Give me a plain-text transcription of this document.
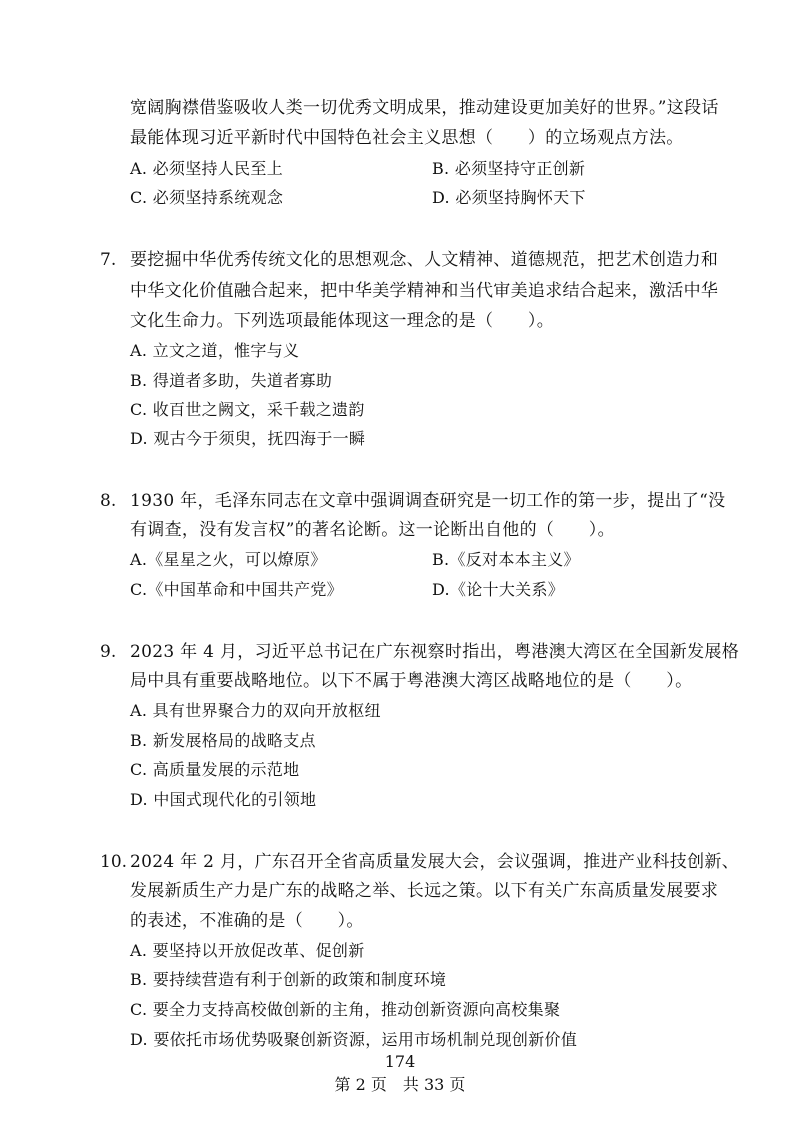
宽阔胸襟借鉴吸收人类一切优秀文明成果，推动建设更加美好的世界。”这段话
最能体现习近平新时代中国特色社会主义思想（　　）的立场观点方法。
A. 必须坚持人民至上	B. 必须坚持守正创新
C. 必须坚持系统观念	D. 必须坚持胸怀天下
7. 要挖掘中华优秀传统文化的思想观念、人文精神、道德规范，把艺术创造力和
中华文化价值融合起来，把中华美学精神和当代审美追求结合起来，激活中华
文化生命力。下列选项最能体现这一理念的是（　　）。
A. 立文之道，惟字与义
B. 得道者多助，失道者寡助
C. 收百世之阙文，采千载之遗韵
D. 观古今于须臾，抚四海于一瞬
8. 1930 年，毛泽东同志在文章中强调调查研究是一切工作的第一步，提出了“没
有调查，没有发言权”的著名论断。这一论断出自他的（　　）。
A.《星星之火，可以燎原》	B.《反对本本主义》
C.《中国革命和中国共产党》	D.《论十大关系》
9. 2023 年 4 月，习近平总书记在广东视察时指出，粤港澳大湾区在全国新发展格
局中具有重要战略地位。以下不属于粤港澳大湾区战略地位的是（　　）。
A. 具有世界聚合力的双向开放枢纽
B. 新发展格局的战略支点
C. 高质量发展的示范地
D. 中国式现代化的引领地
10. 2024 年 2 月，广东召开全省高质量发展大会，会议强调，推进产业科技创新、
发展新质生产力是广东的战略之举、长远之策。以下有关广东高质量发展要求
的表述，不准确的是（　　）。
A. 要坚持以开放促改革、促创新
B. 要持续营造有利于创新的政策和制度环境
C. 要全力支持高校做创新的主角，推动创新资源向高校集聚
D. 要依托市场优势吸聚创新资源，运用市场机制兑现创新价值
174
第 2 页　共 33 页
